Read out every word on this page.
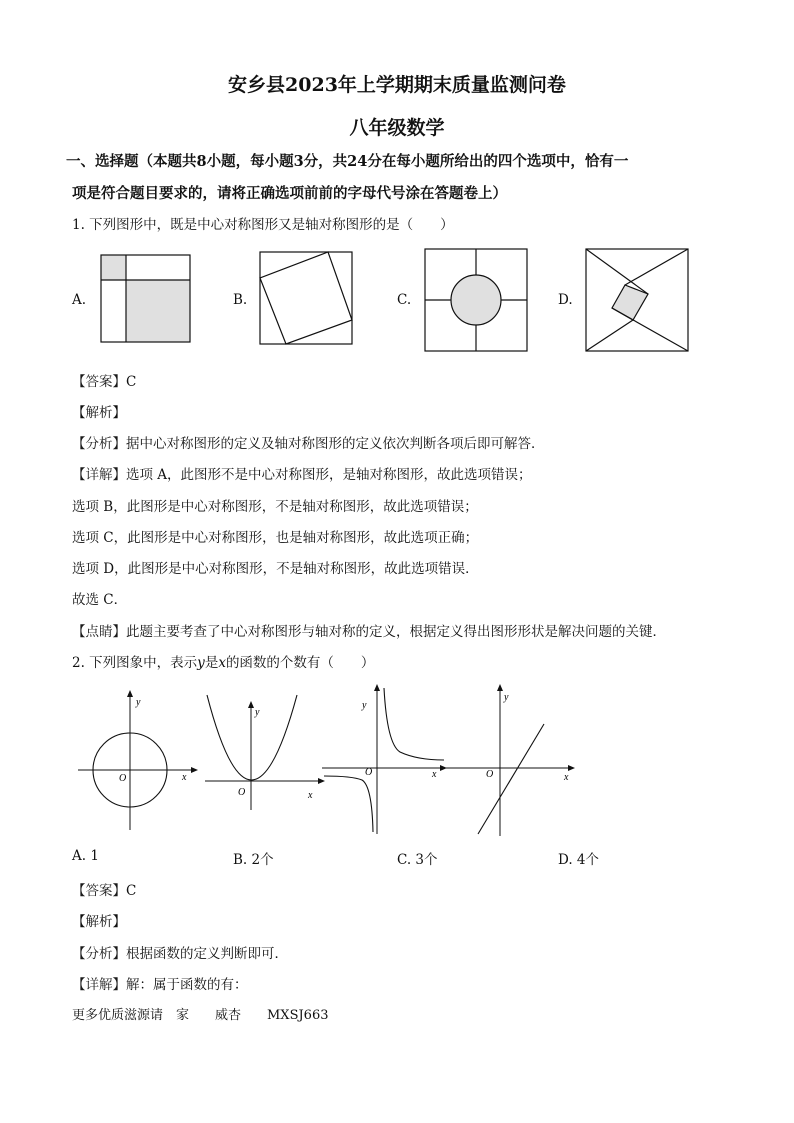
安乡县2023年上学期期末质量监测问卷
八年级数学
一、选择题（本题共8小题，每小题3分，共24分在每小题所给出的四个选项中，恰有一
项是符合题目要求的，请将正确选项前前的字母代号涂在答题卷上）
1. 下列图形中，既是中心对称图形又是轴对称图形的是（　　）
A.	B.	C.	D.
【答案】C
【解析】
【分析】据中心对称图形的定义及轴对称图形的定义依次判断各项后即可解答．
【详解】选项 A，此图形不是中心对称图形，是轴对称图形，故此选项错误；
选项 B，此图形是中心对称图形，不是轴对称图形，故此选项错误；
选项 C，此图形是中心对称图形，也是轴对称图形，故此选项正确；
选项 D，此图形是中心对称图形，不是轴对称图形，故此选项错误．
故选 C．
【点睛】此题主要考查了中心对称图形与轴对称的定义，根据定义得出图形形状是解决问题的关键．
2. 下列图象中，表示y是x的函数的个数有（　　）
x
y
O
x
y
O
x
y
O	x
y
O
A. 1	B. 2个	C. 3个	D. 4个
【答案】C
【解析】
【分析】根据函数的定义判断即可．
【详解】解：属于函数的有：
更多优质滋源请　家　　威杏　　MXSJ663
